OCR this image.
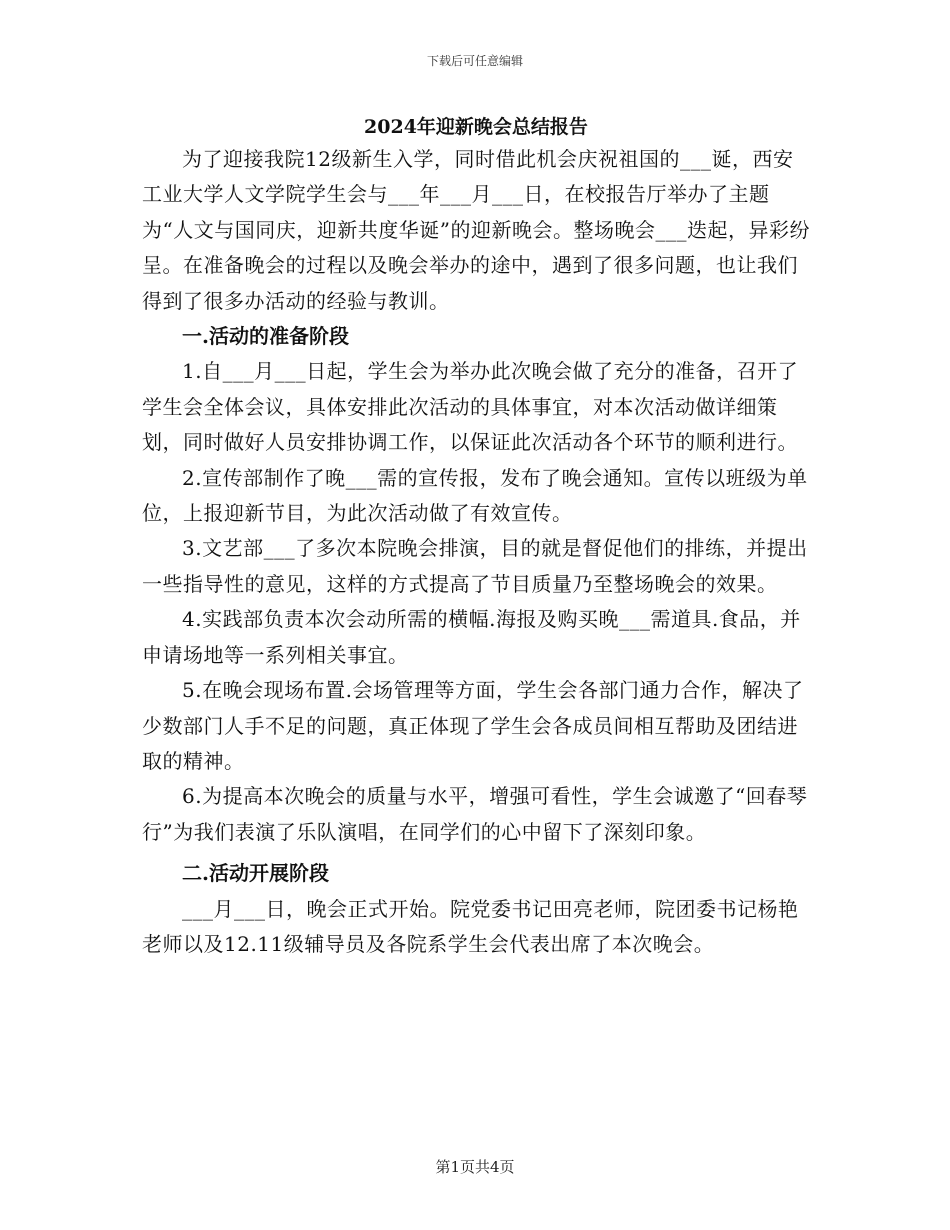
下载后可任意编辑
2024年迎新晚会总结报告

为了迎接我院12级新生入学，同时借此机会庆祝祖国的___诞，西安工业大学人文学院学生会与___年___月___日，在校报告厅举办了主题为“人文与国同庆，迎新共度华诞”的迎新晚会。整场晚会___迭起，异彩纷呈。在准备晚会的过程以及晚会举办的途中，遇到了很多问题，也让我们得到了很多办活动的经验与教训。

一.活动的准备阶段

1.自___月___日起，学生会为举办此次晚会做了充分的准备，召开了学生会全体会议，具体安排此次活动的具体事宜，对本次活动做详细策划，同时做好人员安排协调工作，以保证此次活动各个环节的顺利进行。

2.宣传部制作了晚___需的宣传报，发布了晚会通知。宣传以班级为单位，上报迎新节目，为此次活动做了有效宣传。

3.文艺部___了多次本院晚会排演，目的就是督促他们的排练，并提出一些指导性的意见，这样的方式提高了节目质量乃至整场晚会的效果。

4.实践部负责本次会动所需的横幅.海报及购买晚___需道具.食品，并申请场地等一系列相关事宜。

5.在晚会现场布置.会场管理等方面，学生会各部门通力合作，解决了少数部门人手不足的问题，真正体现了学生会各成员间相互帮助及团结进取的精神。

6.为提高本次晚会的质量与水平，增强可看性，学生会诚邀了“回春琴行”为我们表演了乐队演唱，在同学们的心中留下了深刻印象。

二.活动开展阶段

___月___日，晚会正式开始。院党委书记田亮老师，院团委书记杨艳老师以及12.11级辅导员及各院系学生会代表出席了本次晚会。

第1页共4页
